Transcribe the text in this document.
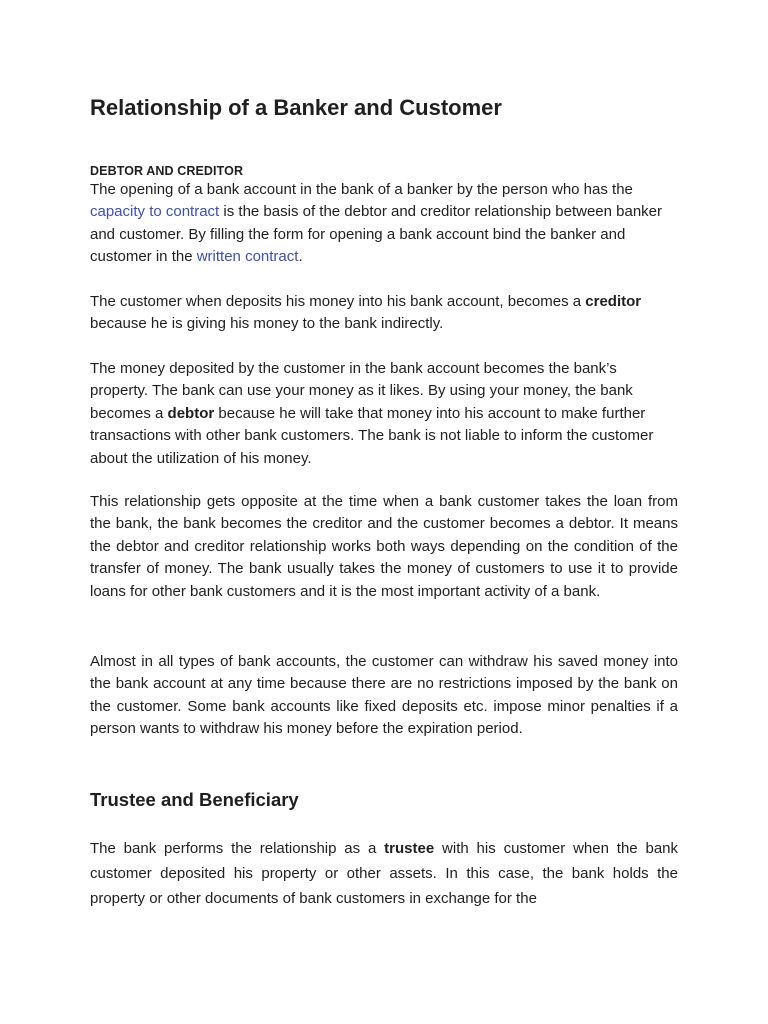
Relationship of a Banker and Customer
DEBTOR AND CREDITOR

The opening of a bank account in the bank of a banker by the person who has the capacity to contract is the basis of the debtor and creditor relationship between banker and customer. By filling the form for opening a bank account bind the banker and customer in the written contract.

The customer when deposits his money into his bank account, becomes a creditor because he is giving his money to the bank indirectly.

The money deposited by the customer in the bank account becomes the bank’s property. The bank can use your money as it likes. By using your money, the bank becomes a debtor because he will take that money into his account to make further transactions with other bank customers. The bank is not liable to inform the customer about the utilization of his money.

This relationship gets opposite at the time when a bank customer takes the loan from the bank, the bank becomes the creditor and the customer becomes a debtor. It means the debtor and creditor relationship works both ways depending on the condition of the transfer of money. The bank usually takes the money of customers to use it to provide loans for other bank customers and it is the most important activity of a bank.

Almost in all types of bank accounts, the customer can withdraw his saved money into the bank account at any time because there are no restrictions imposed by the bank on the customer. Some bank accounts like fixed deposits etc. impose minor penalties if a person wants to withdraw his money before the expiration period.

Trustee and Beneficiary

The bank performs the relationship as a trustee with his customer when the bank customer deposited his property or other assets. In this case, the bank holds the property or other documents of bank customers in exchange for the
